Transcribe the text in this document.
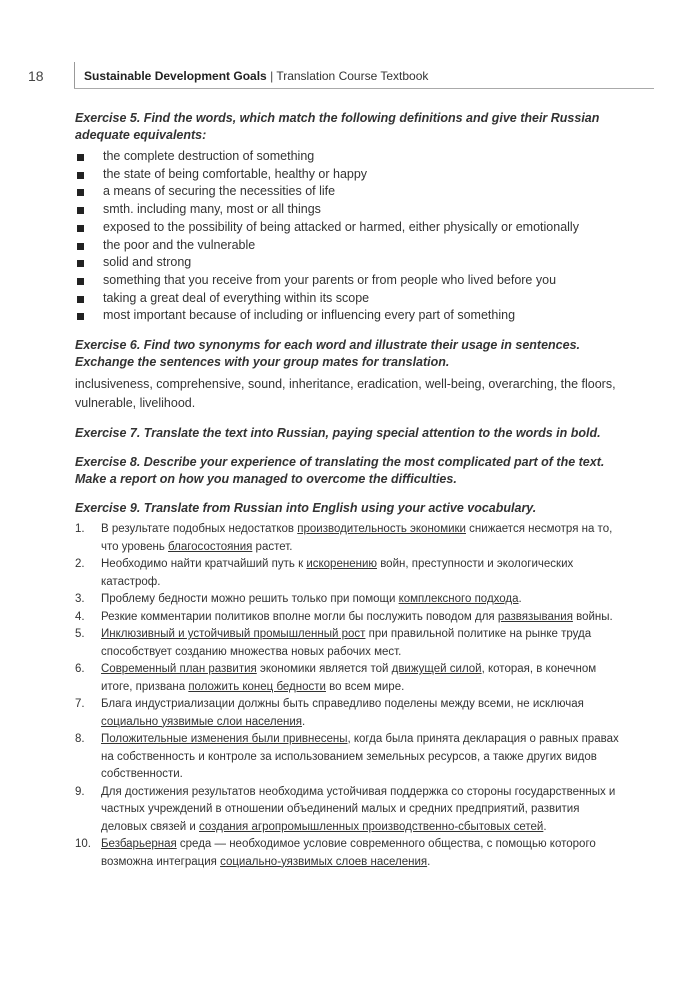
18	Sustainable Development Goals | Translation Course Textbook

Exercise 5. Find the words, which match the following definitions and give their Russian adequate equivalents:

the complete destruction of something
the state of being comfortable, healthy or happy
a means of securing the necessities of life
smth. including many, most or all things
exposed to the possibility of being attacked or harmed, either physically or emotionally
the poor and the vulnerable
solid and strong
something that you receive from your parents or from people who lived before you
taking a great deal of everything within its scope
most important because of including or influencing every part of something

Exercise 6. Find two synonyms for each word and illustrate their usage in sentences. Exchange the sentences with your group mates for translation.

inclusiveness, comprehensive, sound, inheritance, eradication, well-being, overarching, the floors, vulnerable, livelihood.

Exercise 7. Translate the text into Russian, paying special attention to the words in bold.

Exercise 8. Describe your experience of translating the most complicated part of the text. Make a report on how you managed to overcome the difficulties.

Exercise 9. Translate from Russian into English using your active vocabulary.

1. В результате подобных недостатков производительность экономики снижается несмотря на то, что уровень благосостояния растет.
2. Необходимо найти кратчайший путь к искоренению войн, преступности и экологических катастроф.
3. Проблему бедности можно решить только при помощи комплексного подхода.
4. Резкие комментарии политиков вполне могли бы послужить поводом для развязывания войны.
5. Инклюзивный и устойчивый промышленный рост при правильной политике на рынке труда способствует созданию множества новых рабочих мест.
6. Современный план развития экономики является той движущей силой, которая, в конечном итоге, призвана положить конец бедности во всем мире.
7. Блага индустриализации должны быть справедливо поделены между всеми, не исключая социально уязвимые слои населения.
8. Положительные изменения были привнесены, когда была принята декларация о равных правах на собственность и контроле за использованием земельных ресурсов, а также других видов собственности.
9. Для достижения результатов необходима устойчивая поддержка со стороны государственных и частных учреждений в отношении объединений малых и средних предприятий, развития деловых связей и создания агропромышленных производственно-сбытовых сетей.
10. Безбарьерная среда — необходимое условие современного общества, с помощью которого возможна интеграция социально-уязвимых слоев населения.
